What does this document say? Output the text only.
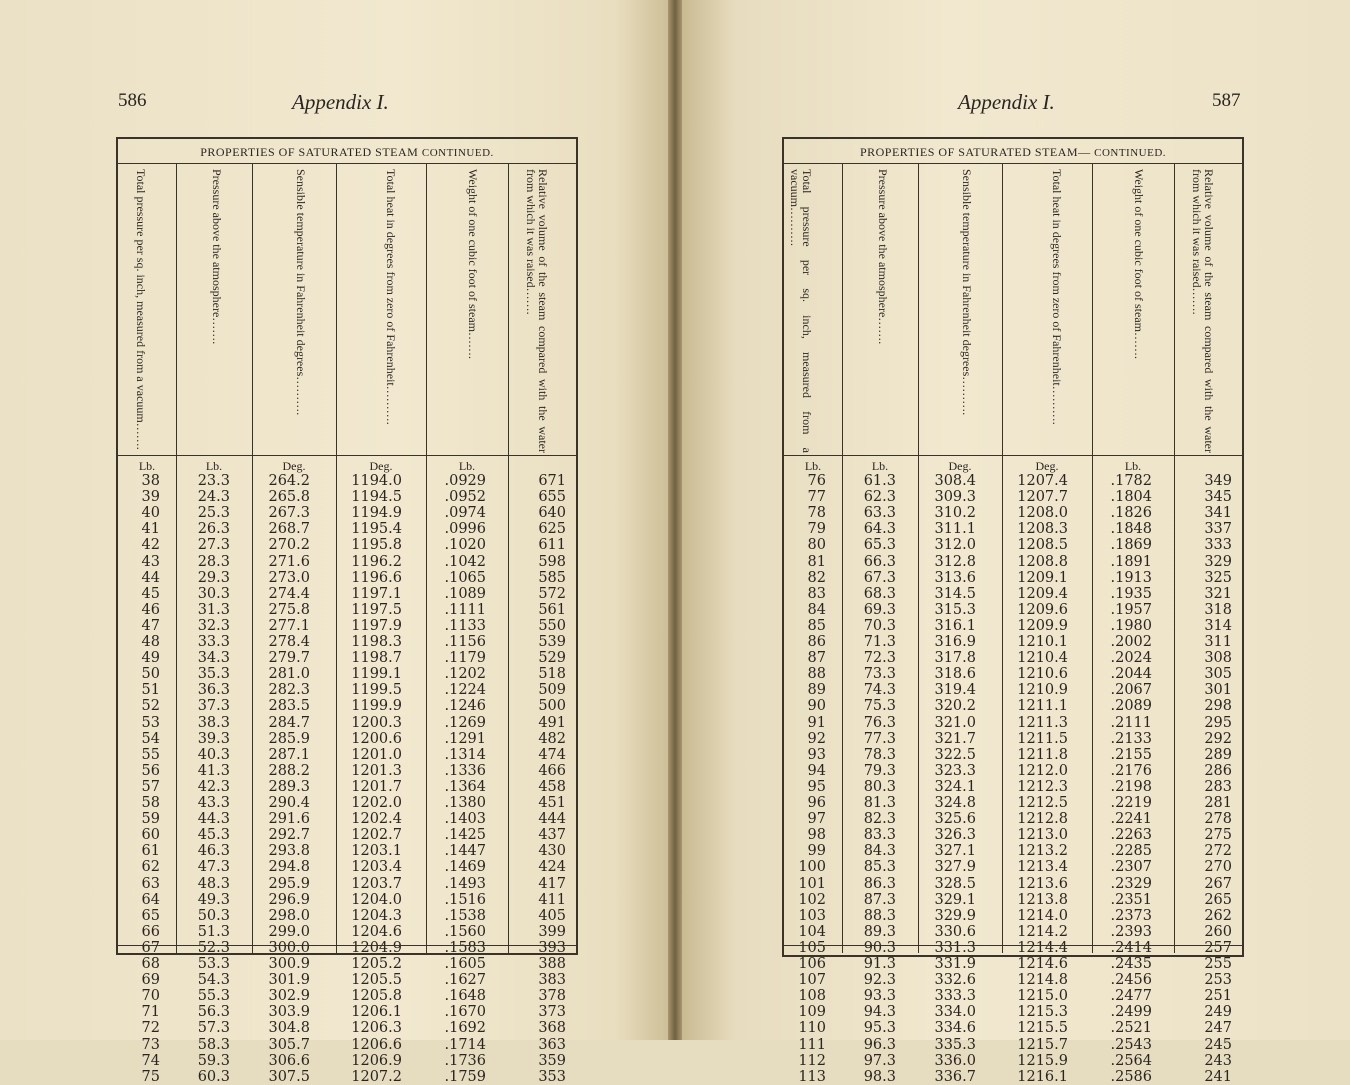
586	Appendix I.
PROPERTIES OF SATURATED STEAM CONTINUED.
Total pressure per sq. inch, measured from a vacuum…….	Pressure above the atmosphere…….	Sensible temperature in Fahrenheit degrees……….	Total heat in degrees from zero of Fahrenheit……….	Weight of one cubic foot of steam…….	Relative volume of the steam compared with the water from which it was raised…….
Lb.	Lb.	Deg.	Deg.	Lb.
38	23.3	264.2	1194.0	.0929	671
39	24.3	265.8	1194.5	.0952	655
40	25.3	267.3	1194.9	.0974	640
41	26.3	268.7	1195.4	.0996	625
42	27.3	270.2	1195.8	.1020	611
43	28.3	271.6	1196.2	.1042	598
44	29.3	273.0	1196.6	.1065	585
45	30.3	274.4	1197.1	.1089	572
46	31.3	275.8	1197.5	.1111	561
47	32.3	277.1	1197.9	.1133	550
48	33.3	278.4	1198.3	.1156	539
49	34.3	279.7	1198.7	.1179	529
50	35.3	281.0	1199.1	.1202	518
51	36.3	282.3	1199.5	.1224	509
52	37.3	283.5	1199.9	.1246	500
53	38.3	284.7	1200.3	.1269	491
54	39.3	285.9	1200.6	.1291	482
55	40.3	287.1	1201.0	.1314	474
56	41.3	288.2	1201.3	.1336	466
57	42.3	289.3	1201.7	.1364	458
58	43.3	290.4	1202.0	.1380	451
59	44.3	291.6	1202.4	.1403	444
60	45.3	292.7	1202.7	.1425	437
61	46.3	293.8	1203.1	.1447	430
62	47.3	294.8	1203.4	.1469	424
63	48.3	295.9	1203.7	.1493	417
64	49.3	296.9	1204.0	.1516	411
65	50.3	298.0	1204.3	.1538	405
66	51.3	299.0	1204.6	.1560	399
67	52.3	300.0	1204.9	.1583	393
68	53.3	300.9	1205.2	.1605	388
69	54.3	301.9	1205.5	.1627	383
70	55.3	302.9	1205.8	.1648	378
71	56.3	303.9	1206.1	.1670	373
72	57.3	304.8	1206.3	.1692	368
73	58.3	305.7	1206.6	.1714	363
74	59.3	306.6	1206.9	.1736	359
75	60.3	307.5	1207.2	.1759	353
Appendix I.	587
PROPERTIES OF SATURATED STEAM— CONTINUED.
Total pressure per sq. inch, measured from a vacuum……….	Pressure above the atmosphere…….	Sensible temperature in Fahrenheit degrees……….	Total heat in degrees from zero of Fahrenheit……….	Weight of one cubic foot of steam…….	Relative volume of the steam compared with the water from which it was raised…….
Lb.	Lb.	Deg.	Deg.	Lb.
76	61.3	308.4	1207.4	.1782	349
77	62.3	309.3	1207.7	.1804	345
78	63.3	310.2	1208.0	.1826	341
79	64.3	311.1	1208.3	.1848	337
80	65.3	312.0	1208.5	.1869	333
81	66.3	312.8	1208.8	.1891	329
82	67.3	313.6	1209.1	.1913	325
83	68.3	314.5	1209.4	.1935	321
84	69.3	315.3	1209.6	.1957	318
85	70.3	316.1	1209.9	.1980	314
86	71.3	316.9	1210.1	.2002	311
87	72.3	317.8	1210.4	.2024	308
88	73.3	318.6	1210.6	.2044	305
89	74.3	319.4	1210.9	.2067	301
90	75.3	320.2	1211.1	.2089	298
91	76.3	321.0	1211.3	.2111	295
92	77.3	321.7	1211.5	.2133	292
93	78.3	322.5	1211.8	.2155	289
94	79.3	323.3	1212.0	.2176	286
95	80.3	324.1	1212.3	.2198	283
96	81.3	324.8	1212.5	.2219	281
97	82.3	325.6	1212.8	.2241	278
98	83.3	326.3	1213.0	.2263	275
99	84.3	327.1	1213.2	.2285	272
100	85.3	327.9	1213.4	.2307	270
101	86.3	328.5	1213.6	.2329	267
102	87.3	329.1	1213.8	.2351	265
103	88.3	329.9	1214.0	.2373	262
104	89.3	330.6	1214.2	.2393	260
105	90.3	331.3	1214.4	.2414	257
106	91.3	331.9	1214.6	.2435	255
107	92.3	332.6	1214.8	.2456	253
108	93.3	333.3	1215.0	.2477	251
109	94.3	334.0	1215.3	.2499	249
110	95.3	334.6	1215.5	.2521	247
111	96.3	335.3	1215.7	.2543	245
112	97.3	336.0	1215.9	.2564	243
113	98.3	336.7	1216.1	.2586	241
